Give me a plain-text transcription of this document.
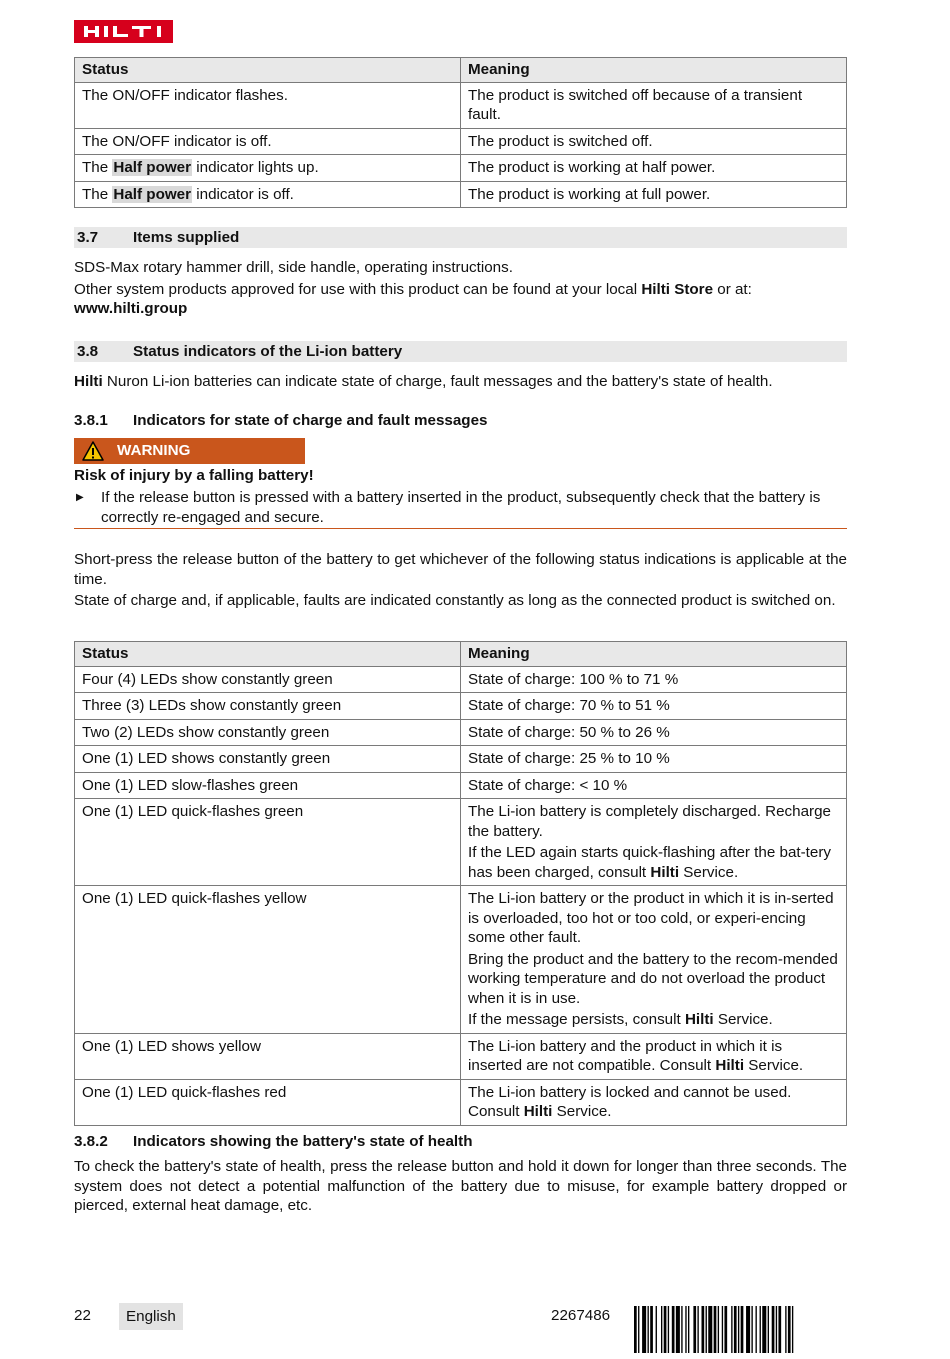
Status	Meaning
The ON/OFF indicator flashes.	The product is switched off because of a transient fault.
The ON/OFF indicator is off.	The product is switched off.
The Half power indicator lights up.	The product is working at half power.
The Half power indicator is off.	The product is working at full power.
3.7 Items supplied

SDS-Max rotary hammer drill, side handle, operating instructions.

Other system products approved for use with this product can be found at your local Hilti Store or at:
www.hilti.group

3.8 Status indicators of the Li-ion battery
Hilti Nuron Li-ion batteries can indicate state of charge, fault messages and the battery's state of health.
3.8.1 Indicators for state of charge and fault messages
WARNING
Risk of injury by a falling battery!
▶ If the release button is pressed with a battery inserted in the product, subsequently check that the battery is correctly re-engaged and secure.

Short-press the release button of the battery to get whichever of the following status indications is applicable at the time.

State of charge and, if applicable, faults are indicated constantly as long as the connected product is switched on.

Status	Meaning
Four (4) LEDs show constantly green	State of charge: 100 % to 71 %
Three (3) LEDs show constantly green	State of charge: 70 % to 51 %
Two (2) LEDs show constantly green	State of charge: 50 % to 26 %
One (1) LED shows constantly green	State of charge: 25 % to 10 %
One (1) LED slow-flashes green	State of charge: < 10 %
One (1) LED quick-flashes green	The Li-ion battery is completely discharged. Recharge the battery.

If the LED again starts quick-flashing after the bat-tery has been charged, consult Hilti Service.

One (1) LED quick-flashes yellow	The Li-ion battery or the product in which it is in-serted is overloaded, too hot or too cold, or experi-encing some other fault.

Bring the product and the battery to the recom-mended working temperature and do not overload the product when it is in use.

If the message persists, consult Hilti Service.

One (1) LED shows yellow	The Li-ion battery and the product in which it is inserted are not compatible. Consult Hilti Service.
One (1) LED quick-flashes red	The Li-ion battery is locked and cannot be used. Consult Hilti Service.
3.8.2 Indicators showing the battery's state of health
To check the battery's state of health, press the release button and hold it down for longer than three seconds. The system does not detect a potential malfunction of the battery due to misuse, for example battery dropped or pierced, external heat damage, etc.
22	English	2267486
